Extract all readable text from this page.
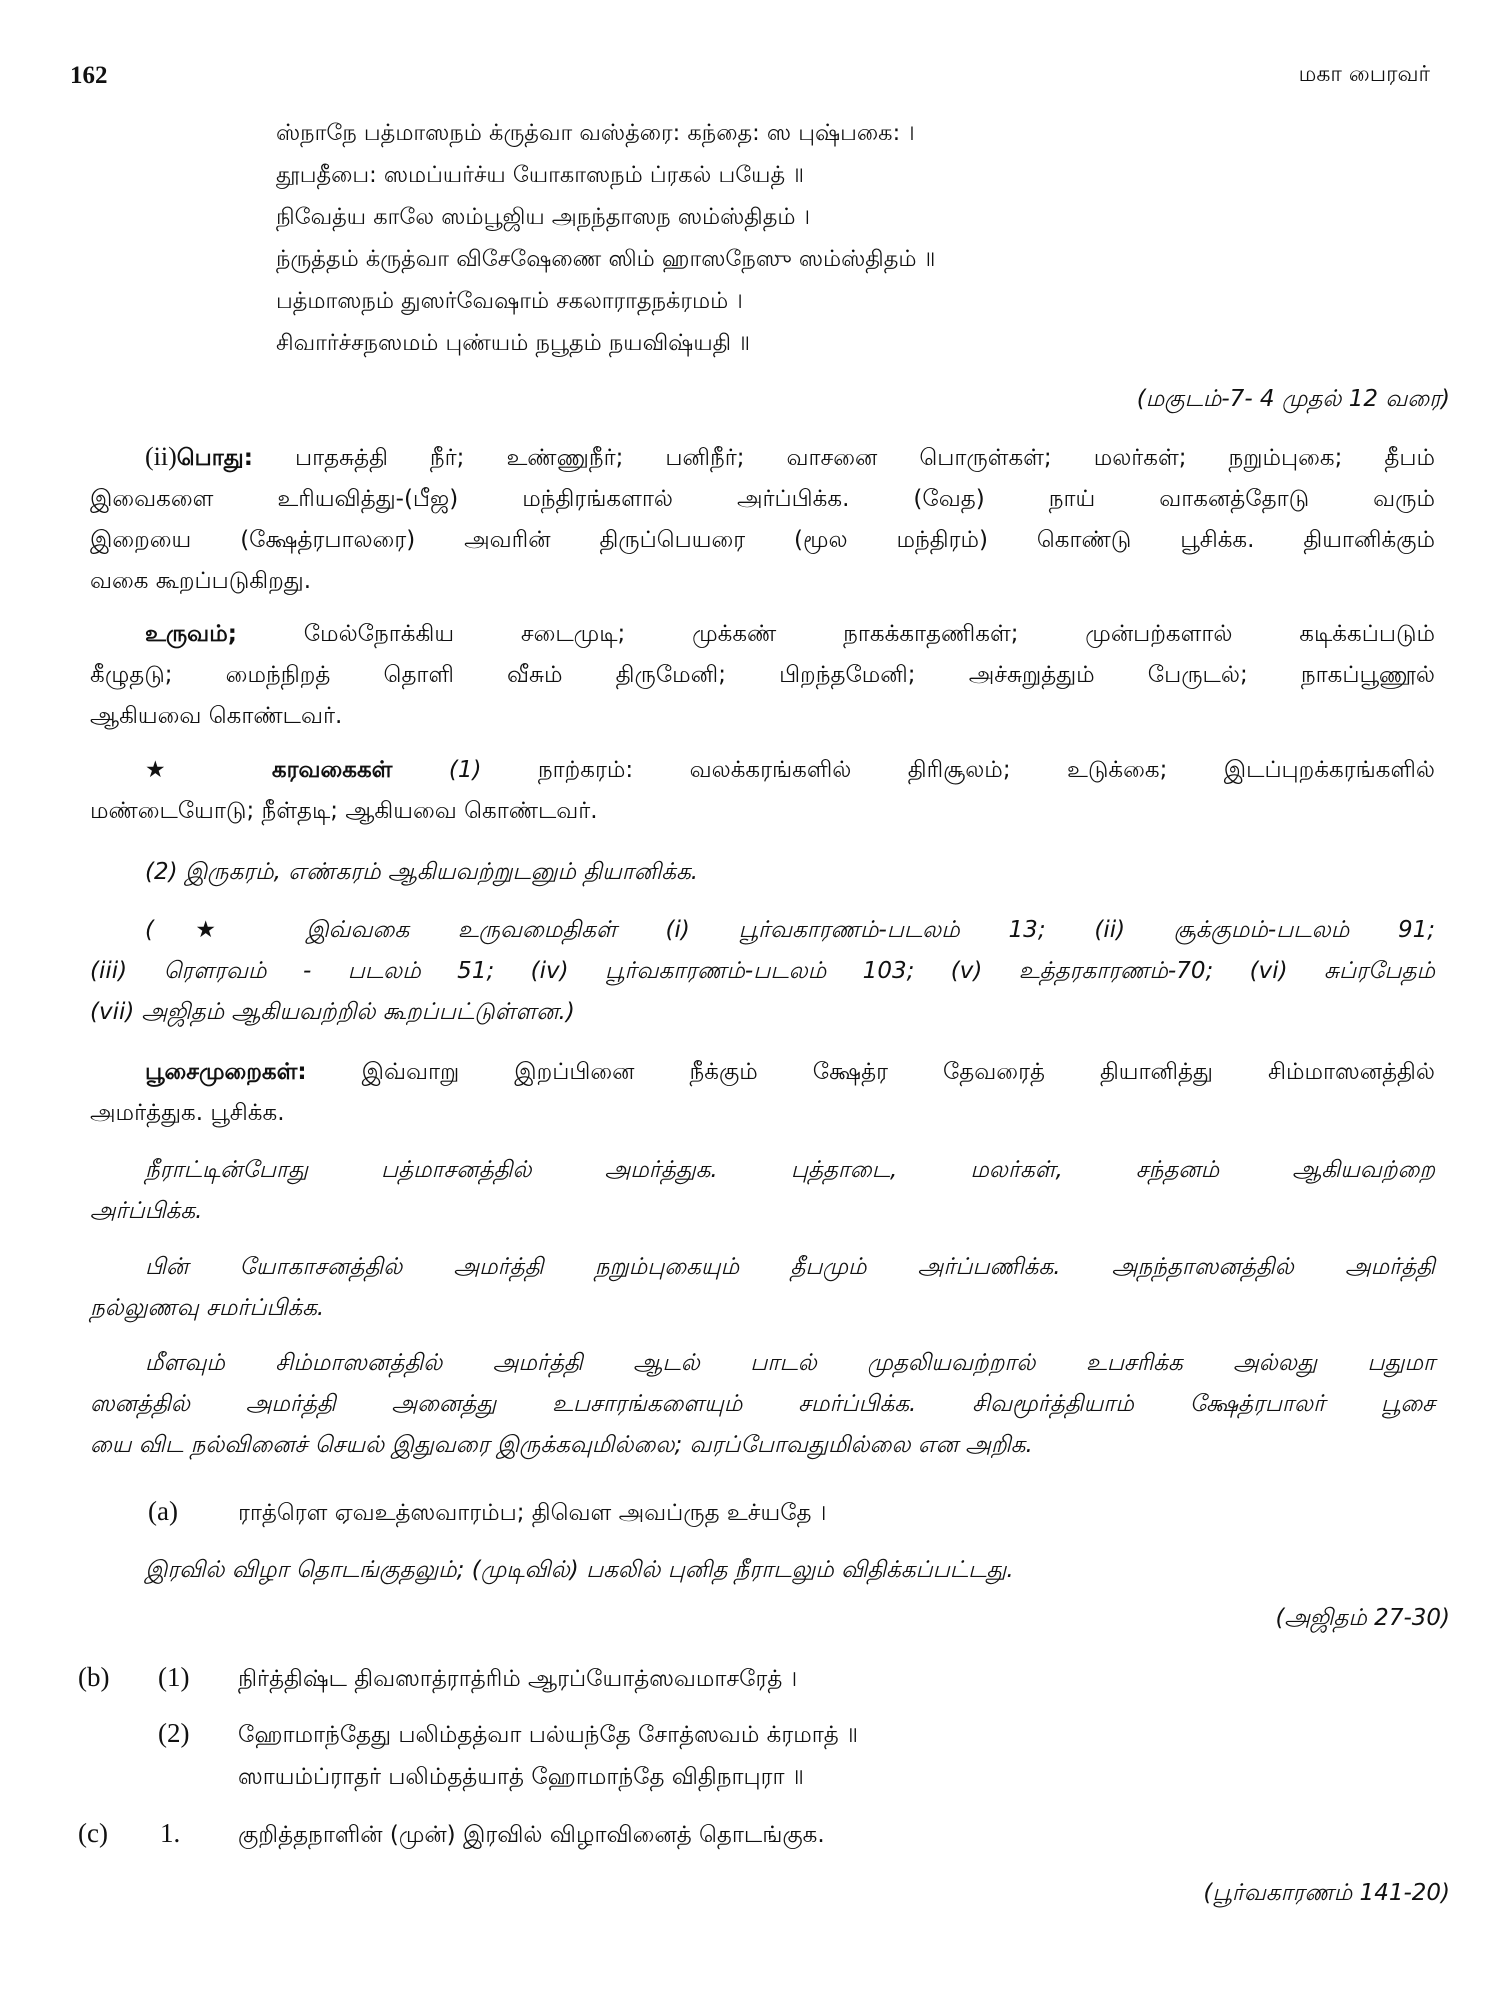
162	மகா பைரவர்
ஸ்நாநே பத்மாஸநம் க்ருத்வா வஸ்த்ரை: கந்தை: ஸ புஷ்பகை: ।
தூபதீபை: ஸமப்யர்ச்ய யோகாஸநம் ப்ரகல் பயேத் ॥
நிவேத்ய காலே ஸம்பூஜிய அநந்தாஸந ஸம்ஸ்திதம் ।
ந்ருத்தம் க்ருத்வா விசேஷேணை ஸிம் ஹாஸநேஸு ஸம்ஸ்திதம் ॥
பத்மாஸநம் துஸர்வேஷாம் சகலாராதநக்ரமம் ।
சிவார்ச்சநஸமம் புண்யம் நபூதம் நயவிஷ்யதி ॥
(மகுடம்-7- 4 முதல் 12 வரை)
(ii)பொது: பாதசுத்தி நீர்; உண்ணுநீர்; பனிநீர்; வாசனை பொருள்கள்; மலர்கள்; நறும்புகை; தீபம்
இவைகளை உரியவித்து-(பீஜ) மந்திரங்களால் அர்ப்பிக்க. (வேத) நாய் வாகனத்தோடு வரும்
இறையை (க்ஷேத்ரபாலரை) அவரின் திருப்பெயரை (மூல மந்திரம்) கொண்டு பூசிக்க. தியானிக்கும்
வகை கூறப்படுகிறது.
உருவம்; மேல்நோக்கிய சடைமுடி; முக்கண் நாகக்காதணிகள்; முன்பற்களால் கடிக்கப்படும்
கீழுதடு; மைந்நிறத் தொளி வீசும் திருமேனி; பிறந்தமேனி; அச்சுறுத்தும் பேருடல்; நாகப்பூணூல்
ஆகியவை கொண்டவர்.
★ கரவகைகள் (1) நாற்கரம்: வலக்கரங்களில் திரிசூலம்; உடுக்கை; இடப்புறக்கரங்களில்
மண்டையோடு; நீள்தடி; ஆகியவை கொண்டவர்.
(2) இருகரம், எண்கரம் ஆகியவற்றுடனும் தியானிக்க.
(★ இவ்வகை உருவமைதிகள் (i) பூர்வகாரணம்-படலம் 13; (ii) சூக்குமம்-படலம் 91;
(iii) ரௌரவம் - படலம் 51; (iv) பூர்வகாரணம்-படலம் 103; (v) உத்தரகாரணம்-70; (vi) சுப்ரபேதம்
(vii) அஜிதம் ஆகியவற்றில் கூறப்பட்டுள்ளன.)
பூசைமுறைகள்: இவ்வாறு இறப்பினை நீக்கும் க்ஷேத்ர தேவரைத் தியானித்து சிம்மாஸனத்தில்
அமர்த்துக. பூசிக்க.
நீராட்டின்போது பத்மாசனத்தில் அமர்த்துக. புத்தாடை, மலர்கள், சந்தனம் ஆகியவற்றை
அர்ப்பிக்க.
பின் யோகாசனத்தில் அமர்த்தி நறும்புகையும் தீபமும் அர்ப்பணிக்க. அநந்தாஸனத்தில் அமர்த்தி
நல்லுணவு சமர்ப்பிக்க.
மீளவும் சிம்மாஸனத்தில் அமர்த்தி ஆடல் பாடல் முதலியவற்றால் உபசரிக்க அல்லது பதுமா
ஸனத்தில் அமர்த்தி அனைத்து உபசாரங்களையும் சமர்ப்பிக்க. சிவமூர்த்தியாம் க்ஷேத்ரபாலர் பூசை
யை விட நல்வினைச் செயல் இதுவரை இருக்கவுமில்லை; வரப்போவதுமில்லை என அறிக.
(a)	ராத்ரௌ ஏவஉத்ஸவாரம்ப; திவௌ அவப்ருத உச்யதே ।
இரவில் விழா தொடங்குதலும்; (முடிவில்) பகலில் புனித நீராடலும் விதிக்கப்பட்டது.
(அஜிதம் 27-30)
(b) (1) நிர்த்திஷ்ட திவஸாத்ராத்ரிம் ஆரப்யோத்ஸவமாசரேத் ।
(2) ஹோமாந்தேது பலிம்தத்வா பல்யந்தே சோத்ஸவம் க்ரமாத் ॥
ஸாயம்ப்ராதர் பலிம்தத்யாத் ஹோமாந்தே விதிநாபுரா ॥
(c) 1.	குறித்தநாளின் (முன்) இரவில் விழாவினைத் தொடங்குக.
(பூர்வகாரணம் 141-20)
